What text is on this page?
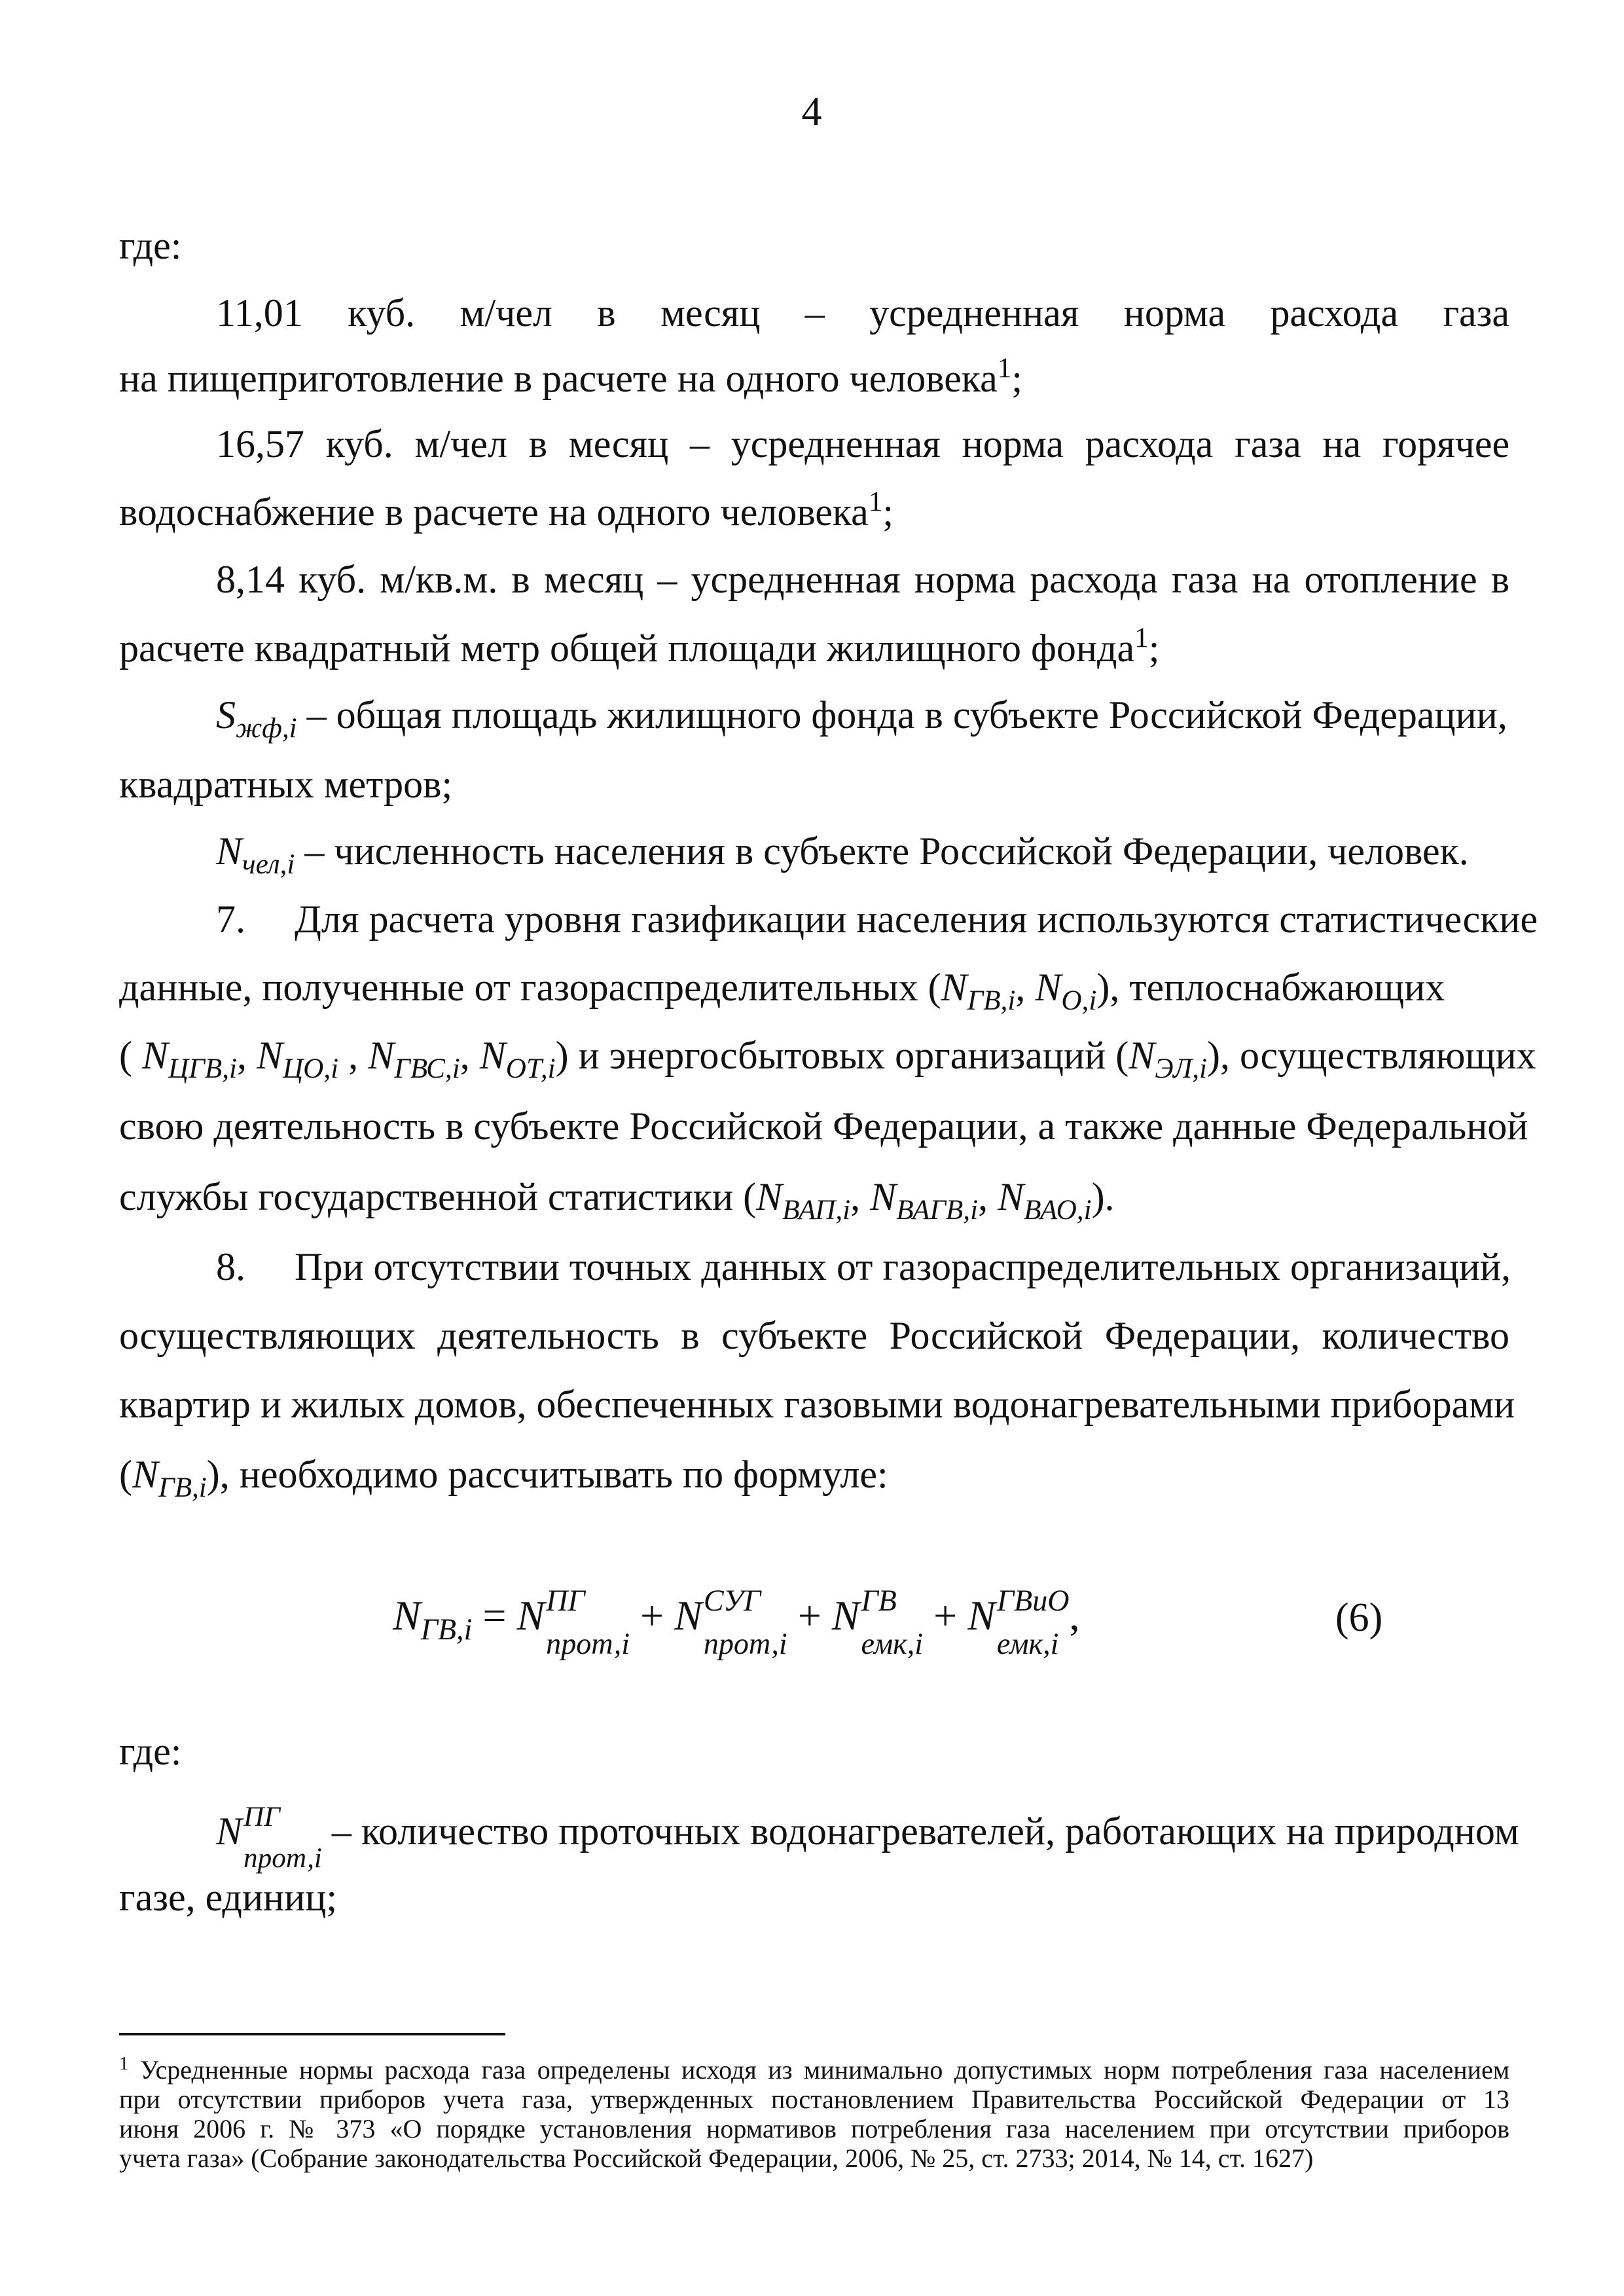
4
где:
11,01 куб. м/чел в месяц – усредненная норма расхода газа
на пищеприготовление в расчете на одного человека$^1$;
16,57 куб. м/чел в месяц – усредненная норма расхода газа на горячее
водоснабжение в расчете на одного человека$^1$;
8,14 куб. м/кв.м. в месяц – усредненная норма расхода газа на отопление в
расчете квадратный метр общей площади жилищного фонда$^1$;
$S_{жф,i}$ – общая площадь жилищного фонда в субъекте Российской Федерации,
квадратных метров;
$N_{чел,i}$ – численность населения в субъекте Российской Федерации, человек.
7.	Для расчета уровня газификации населения используются статистические
данные, полученные от газораспределительных ($N_{ГВ,i}$, $N_{О,i}$), теплоснабжающих
( $N_{ЦГВ,i}$, $N_{ЦО,i}$ , $N_{ГВС,i}$, $N_{ОТ,i}$) и энергосбытовых организаций $(N_{ЭЛ,i})$, осуществляющих
свою деятельность в субъекте Российской Федерации, а также данные Федеральной
службы государственной статистики ($N_{ВАП,i}$, $N_{ВАГВ,i}$, $N_{ВАО,i}$).
8.	При отсутствии точных данных от газораспределительных организаций,
осуществляющих деятельность в субъекте Российской Федерации, количество
квартир и жилых домов, обеспеченных газовыми водонагревательными приборами
$(N_{ГВ,i})$, необходимо рассчитывать по формуле:
$N_{ГВ,i} = N$ ПГ
прот,i
+ N СУГ
прот,i
+ N ГВ
емк,i
+ N ГВиО
емк,i
,	(6)
где:
N ПГ
прот,i
– количество проточных водонагревателей, работающих на природном
газе, единиц;
$^1$ Усредненные нормы расхода газа определены исходя из минимально допустимых норм потребления газа населением
при отсутствии приборов учета газа, утвержденных постановлением Правительства Российской Федерации от 13
июня 2006 г. № 373 «О порядке установления нормативов потребления газа населением при отсутствии приборов
учета газа» (Собрание законодательства Российской Федерации, 2006, № 25, ст. 2733; 2014, № 14, ст. 1627)
